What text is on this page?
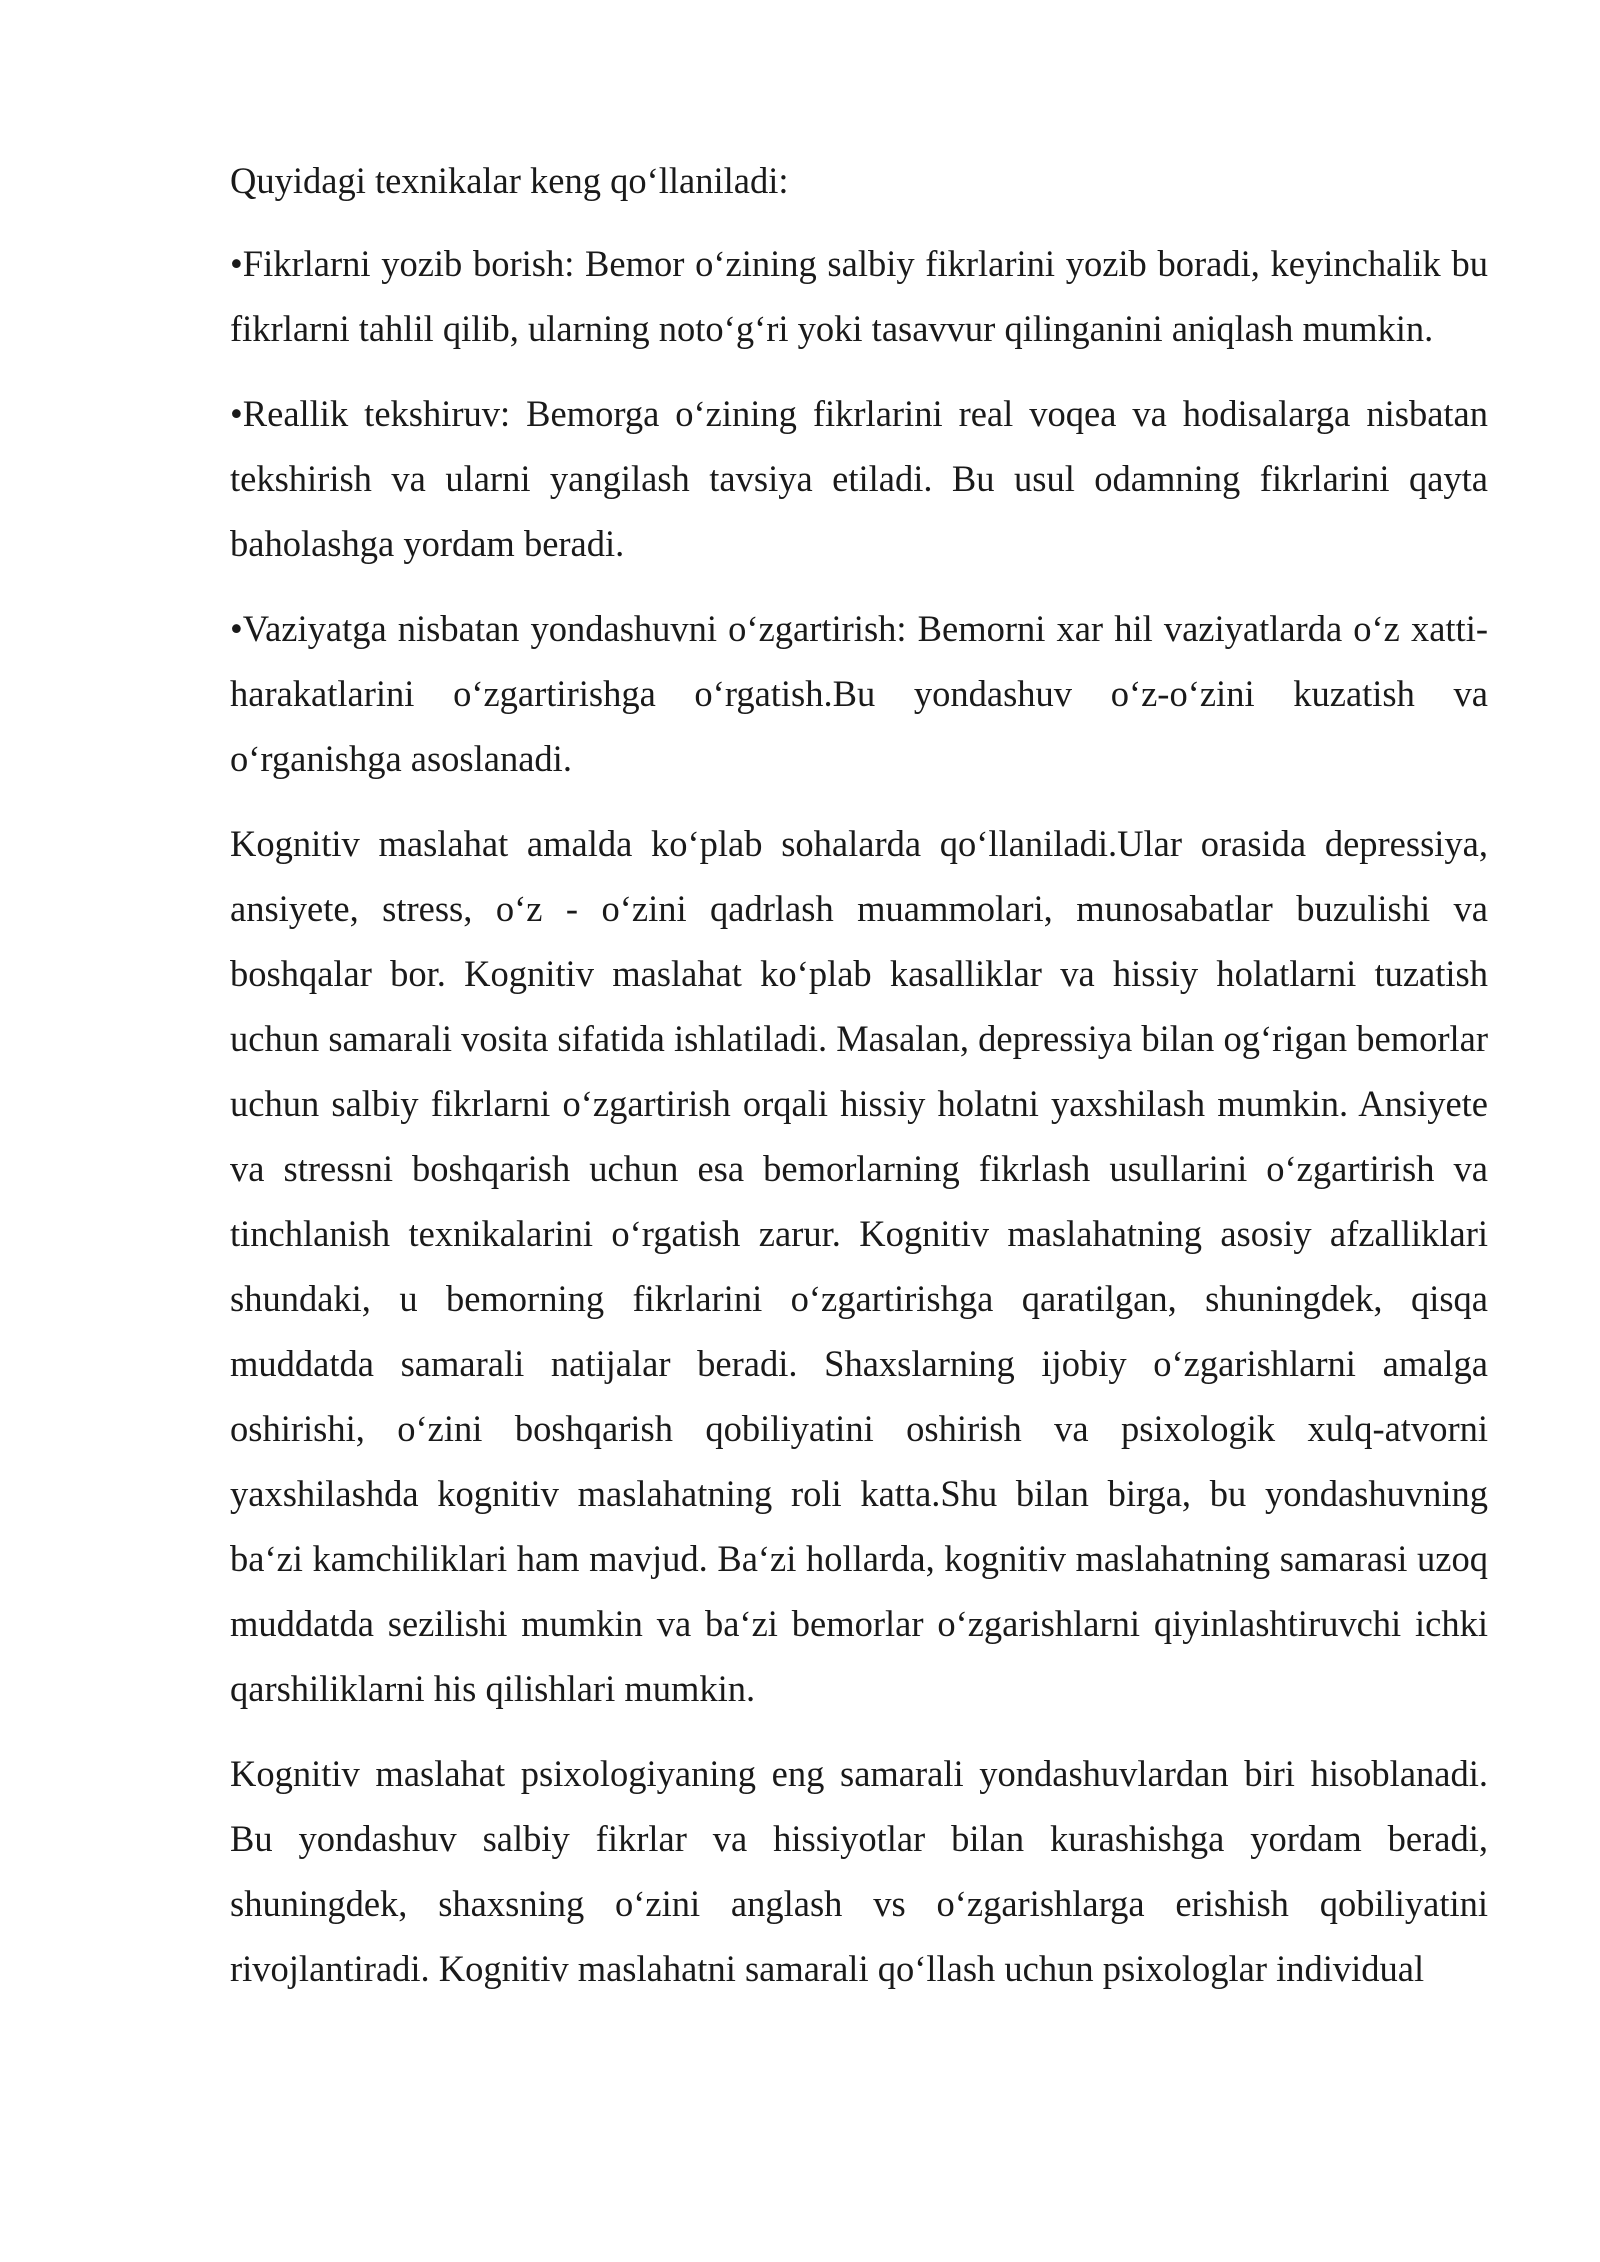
Quyidagi texnikalar keng qo‘llaniladi:

•Fikrlarni yozib borish: Bemor o‘zining salbiy fikrlarini yozib boradi, keyinchalik bu fikrlarni tahlil qilib, ularning noto‘g‘ri yoki tasavvur qilinganini aniqlash mumkin.

•Reallik tekshiruv: Bemorga o‘zining fikrlarini real voqea va hodisalarga nisbatan tekshirish va ularni yangilash tavsiya etiladi. Bu usul odamning fikrlarini qayta baholashga yordam beradi.

•Vaziyatga nisbatan yondashuvni o‘zgartirish: Bemorni xar hil vaziyatlarda o‘z xatti-harakatlarini o‘zgartirishga o‘rgatish.Bu yondashuv o‘z-o‘zini kuzatish va o‘rganishga asoslanadi.

Kognitiv maslahat amalda ko‘plab sohalarda qo‘llaniladi.Ular orasida depressiya, ansiyete, stress, o‘z - o‘zini qadrlash muammolari, munosabatlar buzulishi va boshqalar bor. Kognitiv maslahat ko‘plab kasalliklar va hissiy holatlarni tuzatish uchun samarali vosita sifatida ishlatiladi. Masalan, depressiya bilan og‘rigan bemorlar uchun salbiy fikrlarni o‘zgartirish orqali hissiy holatni yaxshilash mumkin. Ansiyete va stressni boshqarish uchun esa bemorlarning fikrlash usullarini o‘zgartirish va tinchlanish texnikalarini o‘rgatish zarur. Kognitiv maslahatning asosiy afzalliklari shundaki, u bemorning fikrlarini o‘zgartirishga qaratilgan, shuningdek, qisqa muddatda samarali natijalar beradi. Shaxslarning ijobiy o‘zgarishlarni amalga oshirishi, o‘zini boshqarish qobiliyatini oshirish va psixologik xulq-atvorni yaxshilashda kognitiv maslahatning roli katta.Shu bilan birga, bu yondashuvning ba‘zi kamchiliklari ham mavjud. Ba‘zi hollarda, kognitiv maslahatning samarasi uzoq muddatda sezilishi mumkin va ba‘zi bemorlar o‘zgarishlarni qiyinlashtiruvchi ichki qarshiliklarni his qilishlari mumkin.

Kognitiv maslahat psixologiyaning eng samarali yondashuvlardan biri hisoblanadi. Bu yondashuv salbiy fikrlar va hissiyotlar bilan kurashishga yordam beradi, shuningdek, shaxsning o‘zini anglash vs o‘zgarishlarga erishish qobiliyatini rivojlantiradi. Kognitiv maslahatni samarali qo‘llash uchun psixologlar individual
